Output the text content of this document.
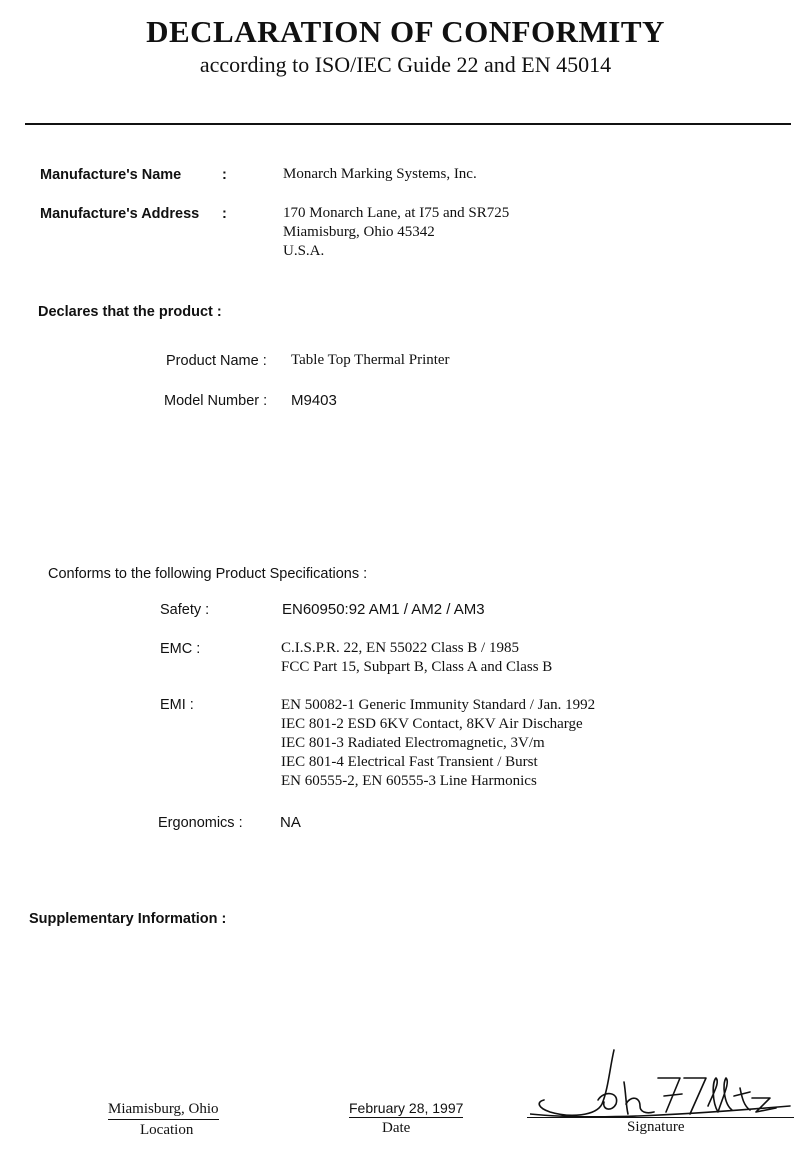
DECLARATION OF CONFORMITY
according to ISO/IEC Guide 22 and EN 45014
Manufacture's Name	:	Monarch Marking Systems, Inc.
Manufacture's Address :	170 Monarch Lane, at I75 and SR725
Miamisburg, Ohio 45342
U.S.A.
Declares that the product :
Product Name : Table Top Thermal Printer
Model Number : M9403
Conforms to the following Product Specifications :
Safety :	EN60950:92 AM1 / AM2 / AM3
EMC :	C.I.S.P.R. 22, EN 55022 Class B / 1985
FCC Part 15, Subpart B, Class A and Class B
EMI :	EN 50082-1 Generic Immunity Standard / Jan. 1992
IEC 801-2 ESD 6KV Contact, 8KV Air Discharge
IEC 801-3 Radiated Electromagnetic, 3V/m
IEC 801-4 Electrical Fast Transient / Burst
EN 60555-2, EN 60555-3 Line Harmonics
Ergonomics : NA
Supplementary Information :
Miamisburg, Ohio
Location
February 28, 1997
Date	Signature
